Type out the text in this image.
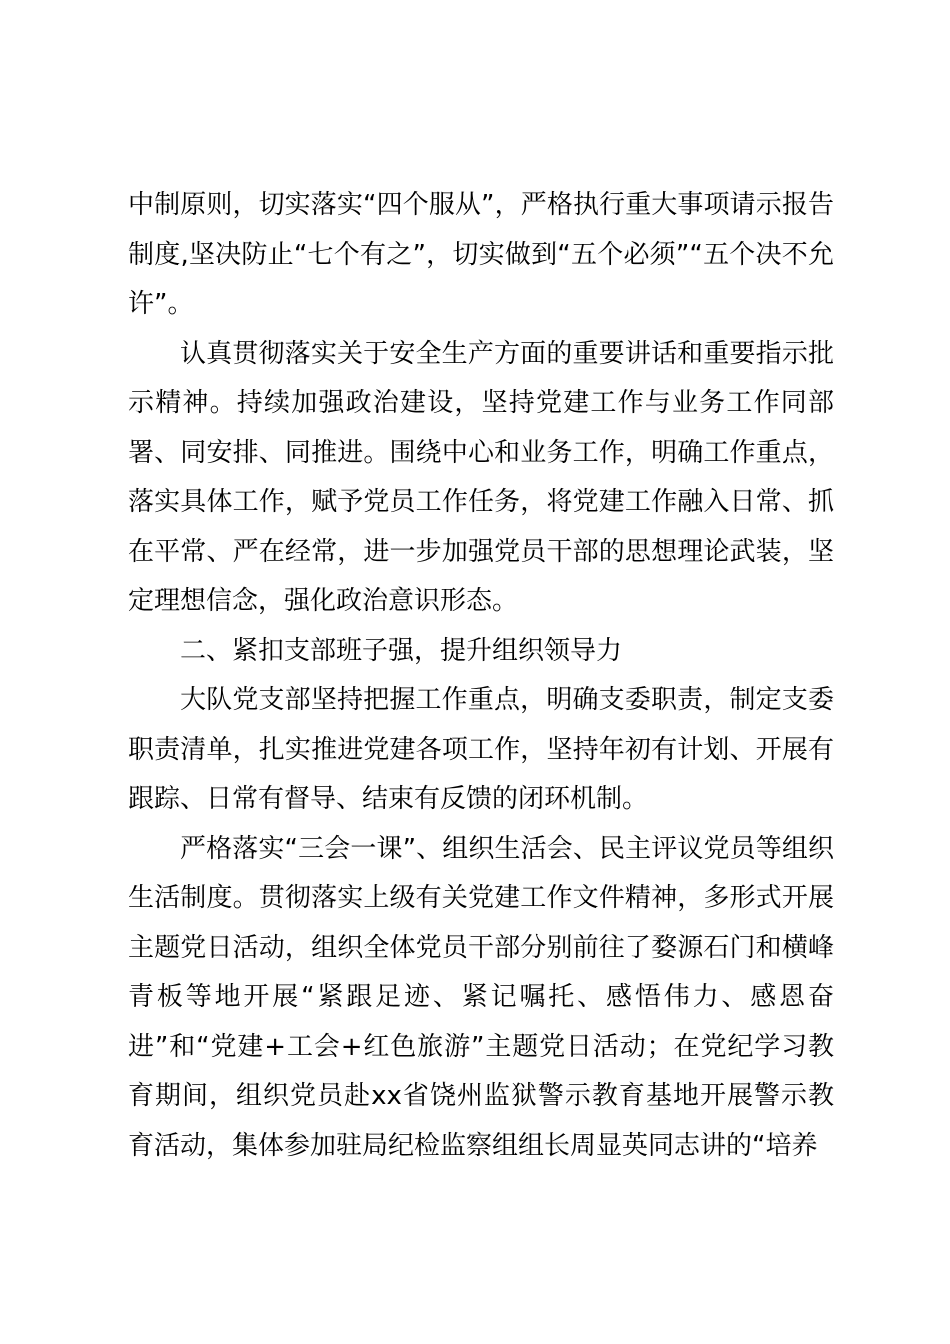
中制原则，切实落实“四个服从”，严格执行重大事项请示报告制度,坚决防止“七个有之”，切实做到“五个必须”“五个决不允许”。

认真贯彻落实关于安全生产方面的重要讲话和重要指示批示精神。持续加强政治建设，坚持党建工作与业务工作同部署、同安排、同推进。围绕中心和业务工作，明确工作重点，落实具体工作，赋予党员工作任务，将党建工作融入日常、抓在平常、严在经常，进一步加强党员干部的思想理论武装，坚定理想信念，强化政治意识形态。

二、紧扣支部班子强，提升组织领导力

大队党支部坚持把握工作重点，明确支委职责，制定支委职责清单，扎实推进党建各项工作，坚持年初有计划、开展有跟踪、日常有督导、结束有反馈的闭环机制。

严格落实“三会一课”、组织生活会、民主评议党员等组织生活制度。贯彻落实上级有关党建工作文件精神，多形式开展主题党日活动，组织全体党员干部分别前往了婺源石门和横峰青板等地开展“紧跟足迹、紧记嘱托、感悟伟力、感恩奋进”和“党建+工会+红色旅游”主题党日活动；在党纪学习教育期间，组织党员赴xx省饶州监狱警示教育基地开展警示教育活动，集体参加驻局纪检监察组组长周显英同志讲的“培养
